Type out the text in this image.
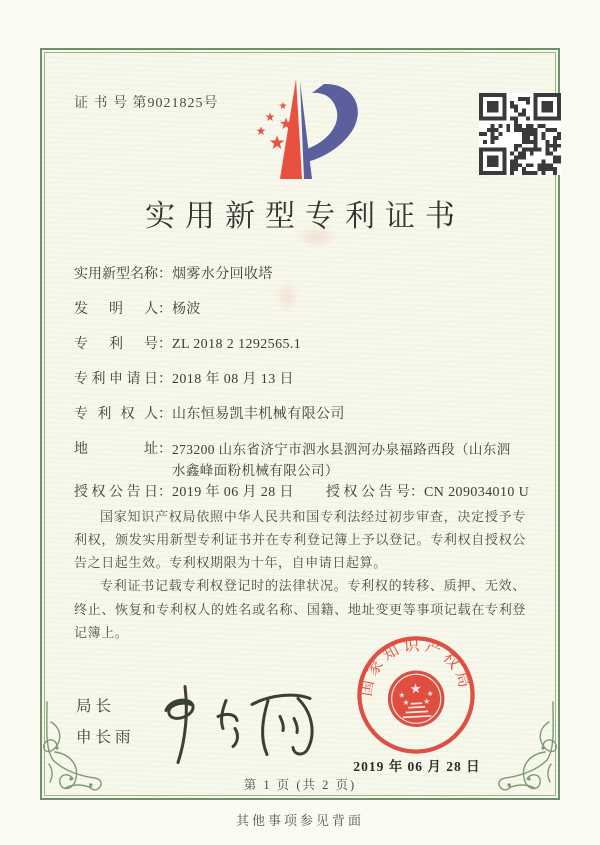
证 书 号 第9021825号	★
★ ★
★
★
实用新型专利证书
实用新型名称：烟雾水分回收塔
发明人：杨波
专利号：ZL 2018 2 1292565.1
专利申请日：2018 年 08 月 13 日
专利权人：山东恒易凯丰机械有限公司
地址：273200 山东省济宁市泗水县泗河办泉福路西段（山东泗水鑫峰面粉机械有限公司）
授权公告日：2019 年 06 月 28 日 授权公告号：CN 209034010 U

国家知识产权局依照中华人民共和国专利法经过初步审查，决定授予专利权，颁发实用新型专利证书并在专利登记簿上予以登记。专利权自授权公告之日起生效。专利权期限为十年，自申请日起算。

专利证书记载专利权登记时的法律状况。专利权的转移、质押、无效、终止、恢复和专利权人的姓名或名称、国籍、地址变更等事项记载在专利登记簿上。

局长
申长雨
国家知识产权局
★
★	★
★ ★
2019 年 06 月 28 日
第 1 页 (共 2 页)
其他事项参见背面
